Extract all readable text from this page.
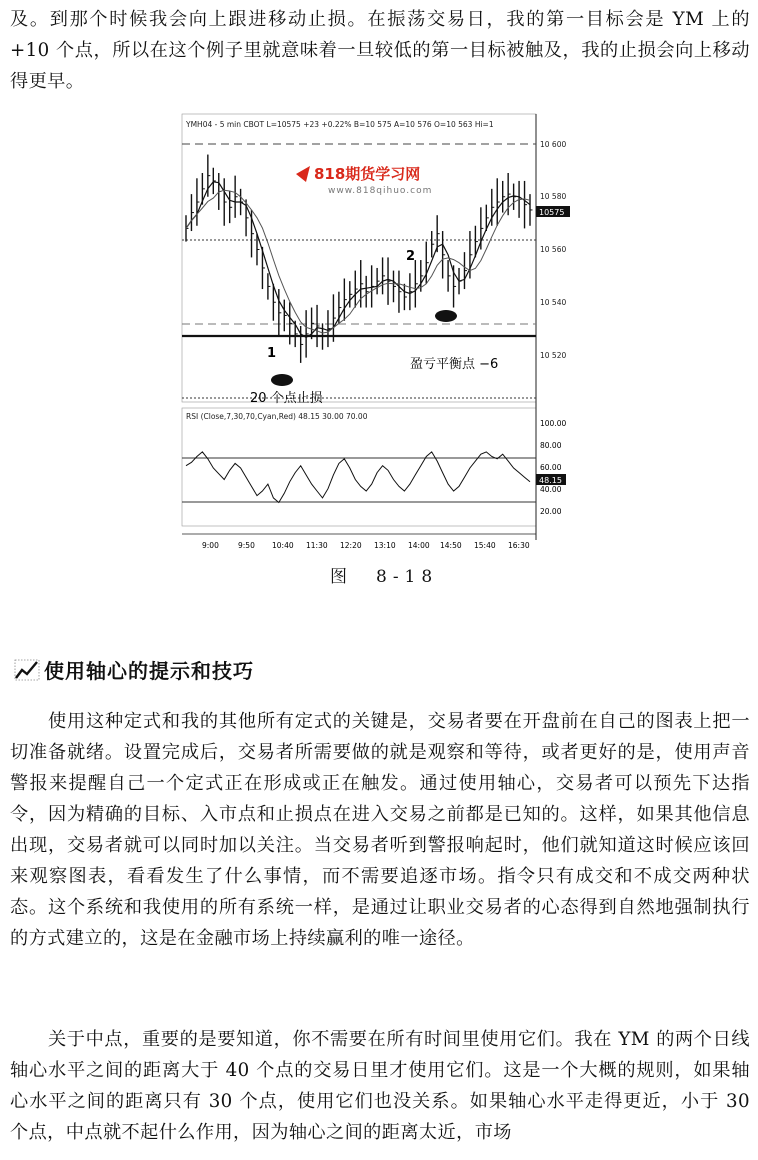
及。到那个时候我会向上跟进移动止损。在振荡交易日，我的第一目标会是 YM 上的 +10 个点，所以在这个例子里就意味着一旦较低的第一目标被触及，我的止损会向上移动得更早。

YMH04 - 5 min CBOT L=10575 +23 +0.22% B=10 575 A=10 576 O=10 563 Hi=1
818期货学习网
www.818qihuo.com
10 600
10 580
10 560
10 540
10 520
10575
1
2
盈亏平衡点 −6
20 个点止损
RSI (Close,7,30,70,Cyan,Red) 48.15 30.00 70.00
100.00
80.00
60.00
40.00
20.00
48.15
9:00	9:50 10:40 11:30 12:20 13:10 14:00 14:50 15:40 16:30
图　8-18
使用轴心的提示和技巧

使用这种定式和我的其他所有定式的关键是，交易者要在开盘前在自己的图表上把一切准备就绪。设置完成后，交易者所需要做的就是观察和等待，或者更好的是，使用声音警报来提醒自己一个定式正在形成或正在触发。通过使用轴心，交易者可以预先下达指令，因为精确的目标、入市点和止损点在进入交易之前都是已知的。这样，如果其他信息出现，交易者就可以同时加以关注。当交易者听到警报响起时，他们就知道这时候应该回来观察图表，看看发生了什么事情，而不需要追逐市场。指令只有成交和不成交两种状态。这个系统和我使用的所有系统一样，是通过让职业交易者的心态得到自然地强制执行的方式建立的，这是在金融市场上持续赢利的唯一途径。

关于中点，重要的是要知道，你不需要在所有时间里使用它们。我在 YM 的两个日线轴心水平之间的距离大于 40 个点的交易日里才使用它们。这是一个大概的规则，如果轴心水平之间的距离只有 30 个点，使用它们也没关系。如果轴心水平走得更近，小于 30 个点，中点就不起什么作用，因为轴心之间的距离太近，市场
